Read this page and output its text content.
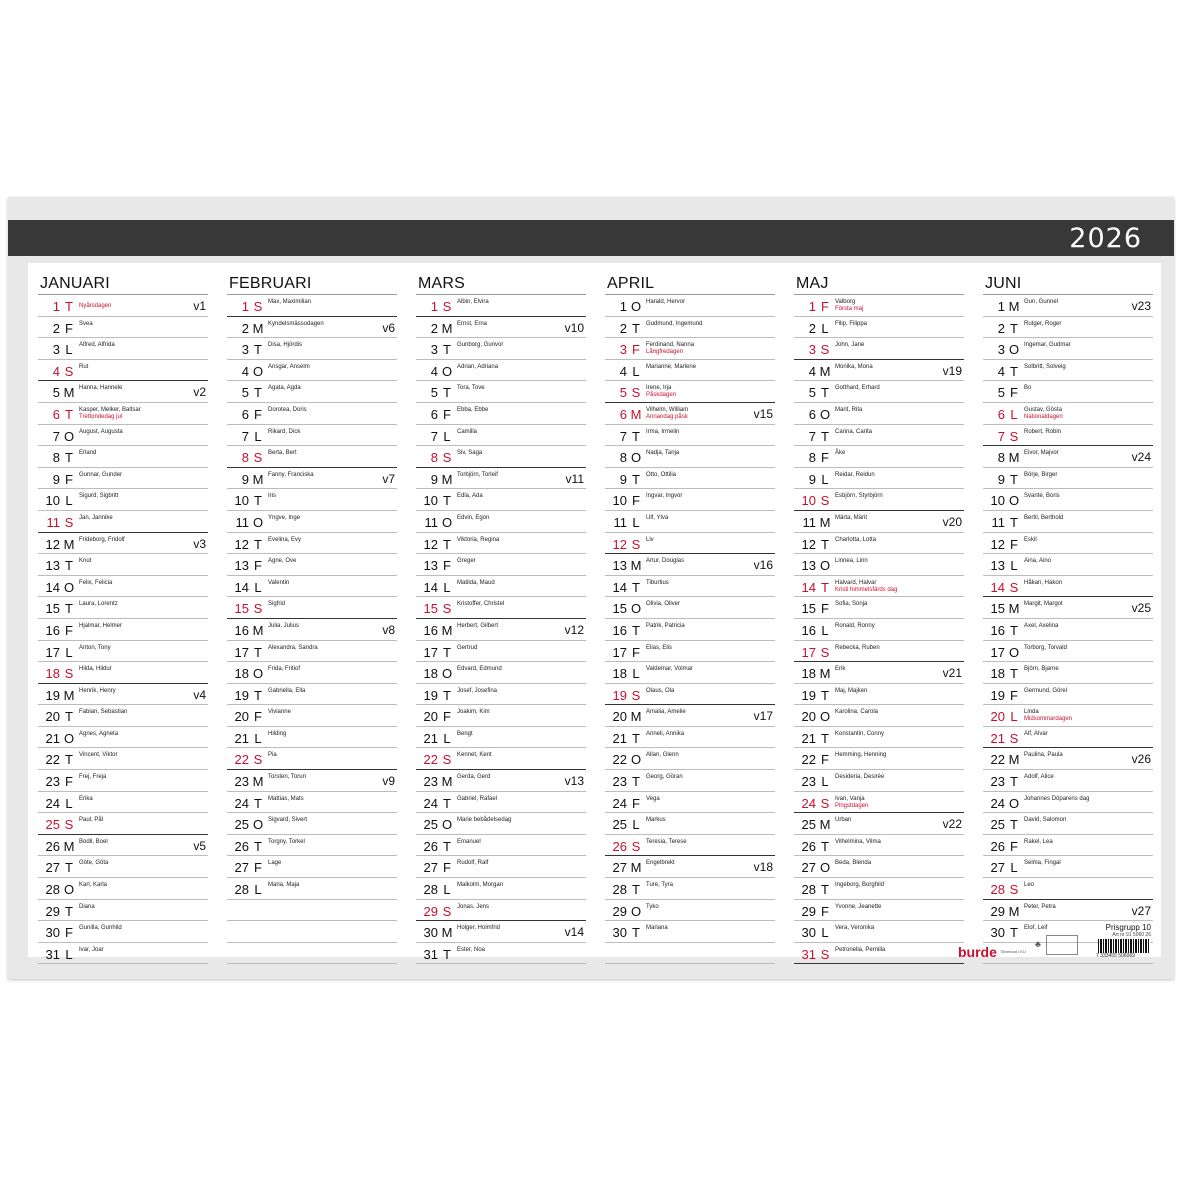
2026
JANUARI
1 T	Nyårsdagen	v1
2 F	Svea
3 L	Alfred, Alfrida
4 S Rut
5 M Hanna, Hannele	v2
6 T	Kasper, Melker, Baltsar
Trettondedag jul
7 O August, Augusta
8 T	Erland
9 F	Gunnar, Gunder
10 L	Sigurd, Sigbritt
11 S Jan, Jannike
12 M Frideborg, Fridolf	v3
13 T	Knut
14 O Felix, Felicia
15 T	Laura, Lorentz
16 F	Hjalmar, Helmer
17 L	Anton, Tony
18 S Hilda, Hildur
19 M Henrik, Henry	v4
20 T	Fabian, Sebastian
21 O Agnes, Agneta
22 T	Vincent, Viktor
23 F	Frej, Freja
24 L	Erika
25 S Paul, Pål
26 M Bodil, Boel	v5
27 T	Göte, Göta
28 O Karl, Karla
29 T	Diana
30 F	Gunilla, Gunhild
31 L	Ivar, Joar
FEBRUARI
1 S Max, Maximilian
2 M Kyndelsmässodagen	v6
3 T	Disa, Hjördis
4 O Ansgar, Anselm
5 T	Agata, Agda
6 F	Dorotea, Doris
7 L	Rikard, Dick
8 S Berta, Bert
9 M Fanny, Franciska	v7
10 T	Iris
11 O Yngve, Inge
12 T	Evelina, Evy
13 F	Agne, Ove
14 L	Valentin
15 S Sigfrid
16 M Julia, Julius	v8
17 T	Alexandra, Sandra
18 O Frida, Fritiof
19 T	Gabriella, Ella
20 F	Vivianne
21 L	Hilding
22 S Pia
23 M Torsten, Torun	v9
24 T	Mattias, Mats
25 O Sigvard, Sivert
26 T	Torgny, Torkel
27 F	Lage
28 L	Maria, Maja
MARS
1 S Albin, Elvira
2 M Ernst, Erna	v10
3 T	Gunborg, Gunvor
4 O Adrian, Adriana
5 T	Tora, Tove
6 F	Ebba, Ebbe
7 L	Camilla
8 S Siv, Saga
9 M Torbjörn, Torleif	v11
10 T	Edla, Ada
11 O Edvin, Egon
12 T	Viktoria, Regina
13 F	Greger
14 L	Matilda, Maud
15 S Kristoffer, Christel
16 M Herbert, Gilbert	v12
17 T	Gertrud
18 O Edvard, Edmund
19 T	Josef, Josefina
20 F	Joakim, Kim
21 L	Bengt
22 S Kennet, Kent
23 M Gerda, Gerd	v13
24 T	Gabriel, Rafael
25 O Marie bebådelsedag
26 T	Emanuel
27 F	Rudolf, Ralf
28 L	Malkolm, Morgan
29 S Jonas, Jens
30 M Holger, Holmfrid	v14
31 T	Ester, Noa
APRIL
1 O Harald, Hervor
2 T	Gudmund, Ingemund
3 F	Ferdinand, Nanna
Långfredagen
4 L	Marianne, Marlene
5 S Irene, Irja
Påskdagen
6 M Vilhelm, William
Annandag påsk	v15
7 T	Irma, Irmelin
8 O Nadja, Tanja
9 T	Otto, Ottilia
10 F	Ingvar, Ingvor
11 L	Ulf, Ylva
12 S Liv
13 M Artur, Douglas	v16
14 T	Tiburtius
15 O Olivia, Oliver
16 T	Patrik, Patricia
17 F	Elias, Elis
18 L	Valdemar, Volmar
19 S Olaus, Ola
20 M Amalia, Amelie	v17
21 T	Anneli, Annika
22 O Allan, Glenn
23 T	Georg, Göran
24 F	Vega
25 L	Markus
26 S Teresia, Terese
27 M Engelbrekt	v18
28 T	Ture, Tyra
29 O Tyko
30 T	Mariana
MAJ
1 F	Valborg
Första maj
2 L	Filip, Filippa
3 S John, Jane
4 M Monika, Mona	v19
5 T	Gotthard, Erhard
6 O Marit, Rita
7 T	Carina, Carita
8 F	Åke
9 L	Reidar, Reidun
10 S Esbjörn, Styrbjörn
11 M Märta, Märit	v20
12 T	Charlotta, Lotta
13 O Linnea, Linn
14 T	Halvard, Halvar
Kristi himmelsfärds dag
15 F	Sofia, Sonja
16 L	Ronald, Ronny
17 S Rebecka, Ruben
18 M Erik	v21
19 T	Maj, Majken
20 O Karolina, Carola
21 T	Konstantin, Conny
22 F	Hemming, Henning
23 L	Desideria, Desirée
24 S Ivan, Vanja
Pingstdagen
25 M Urban	v22
26 T	Vilhelmina, Vilma
27 O Beda, Blenda
28 T	Ingeborg, Borghild
29 F	Yvonne, Jeanette
30 L	Vera, Veronika
31 S Petronella, Pernilla
JUNI
1 M Gun, Gunnel	v23
2 T	Rutger, Roger
3 O Ingemar, Gudmar
4 T	Solbritt, Solveig
5 F	Bo
6 L	Gustav, Gösta
Nationaldagen
7 S Robert, Robin
8 M Eivor, Majvor	v24
9 T	Börje, Birger
10 O Svante, Boris
11 T	Bertil, Berthold
12 F	Eskil
13 L	Aina, Aino
14 S Håkan, Hakon
15 M Margit, Margot	v25
16 T	Axel, Axelina
17 O Torborg, Torvald
18 T	Björn, Bjarne
19 F	Germund, Görel
20 L	Linda
Midsommardagen
21 S Alf, Alvar
22 M Paulina, Paula	v26
23 T	Adolf, Alice
24 O Johannes Döparens dag
25 T	David, Salomon
26 F	Rakel, Lea
27 L	Selma, Fingal
28 S Leo
29 M Peter, Petra	v27
30 T	Elof, Leif	Prisgrupp 10
Art nr 91 5060 26
burde Tillverkad i EU
♣
7 333455 506069
